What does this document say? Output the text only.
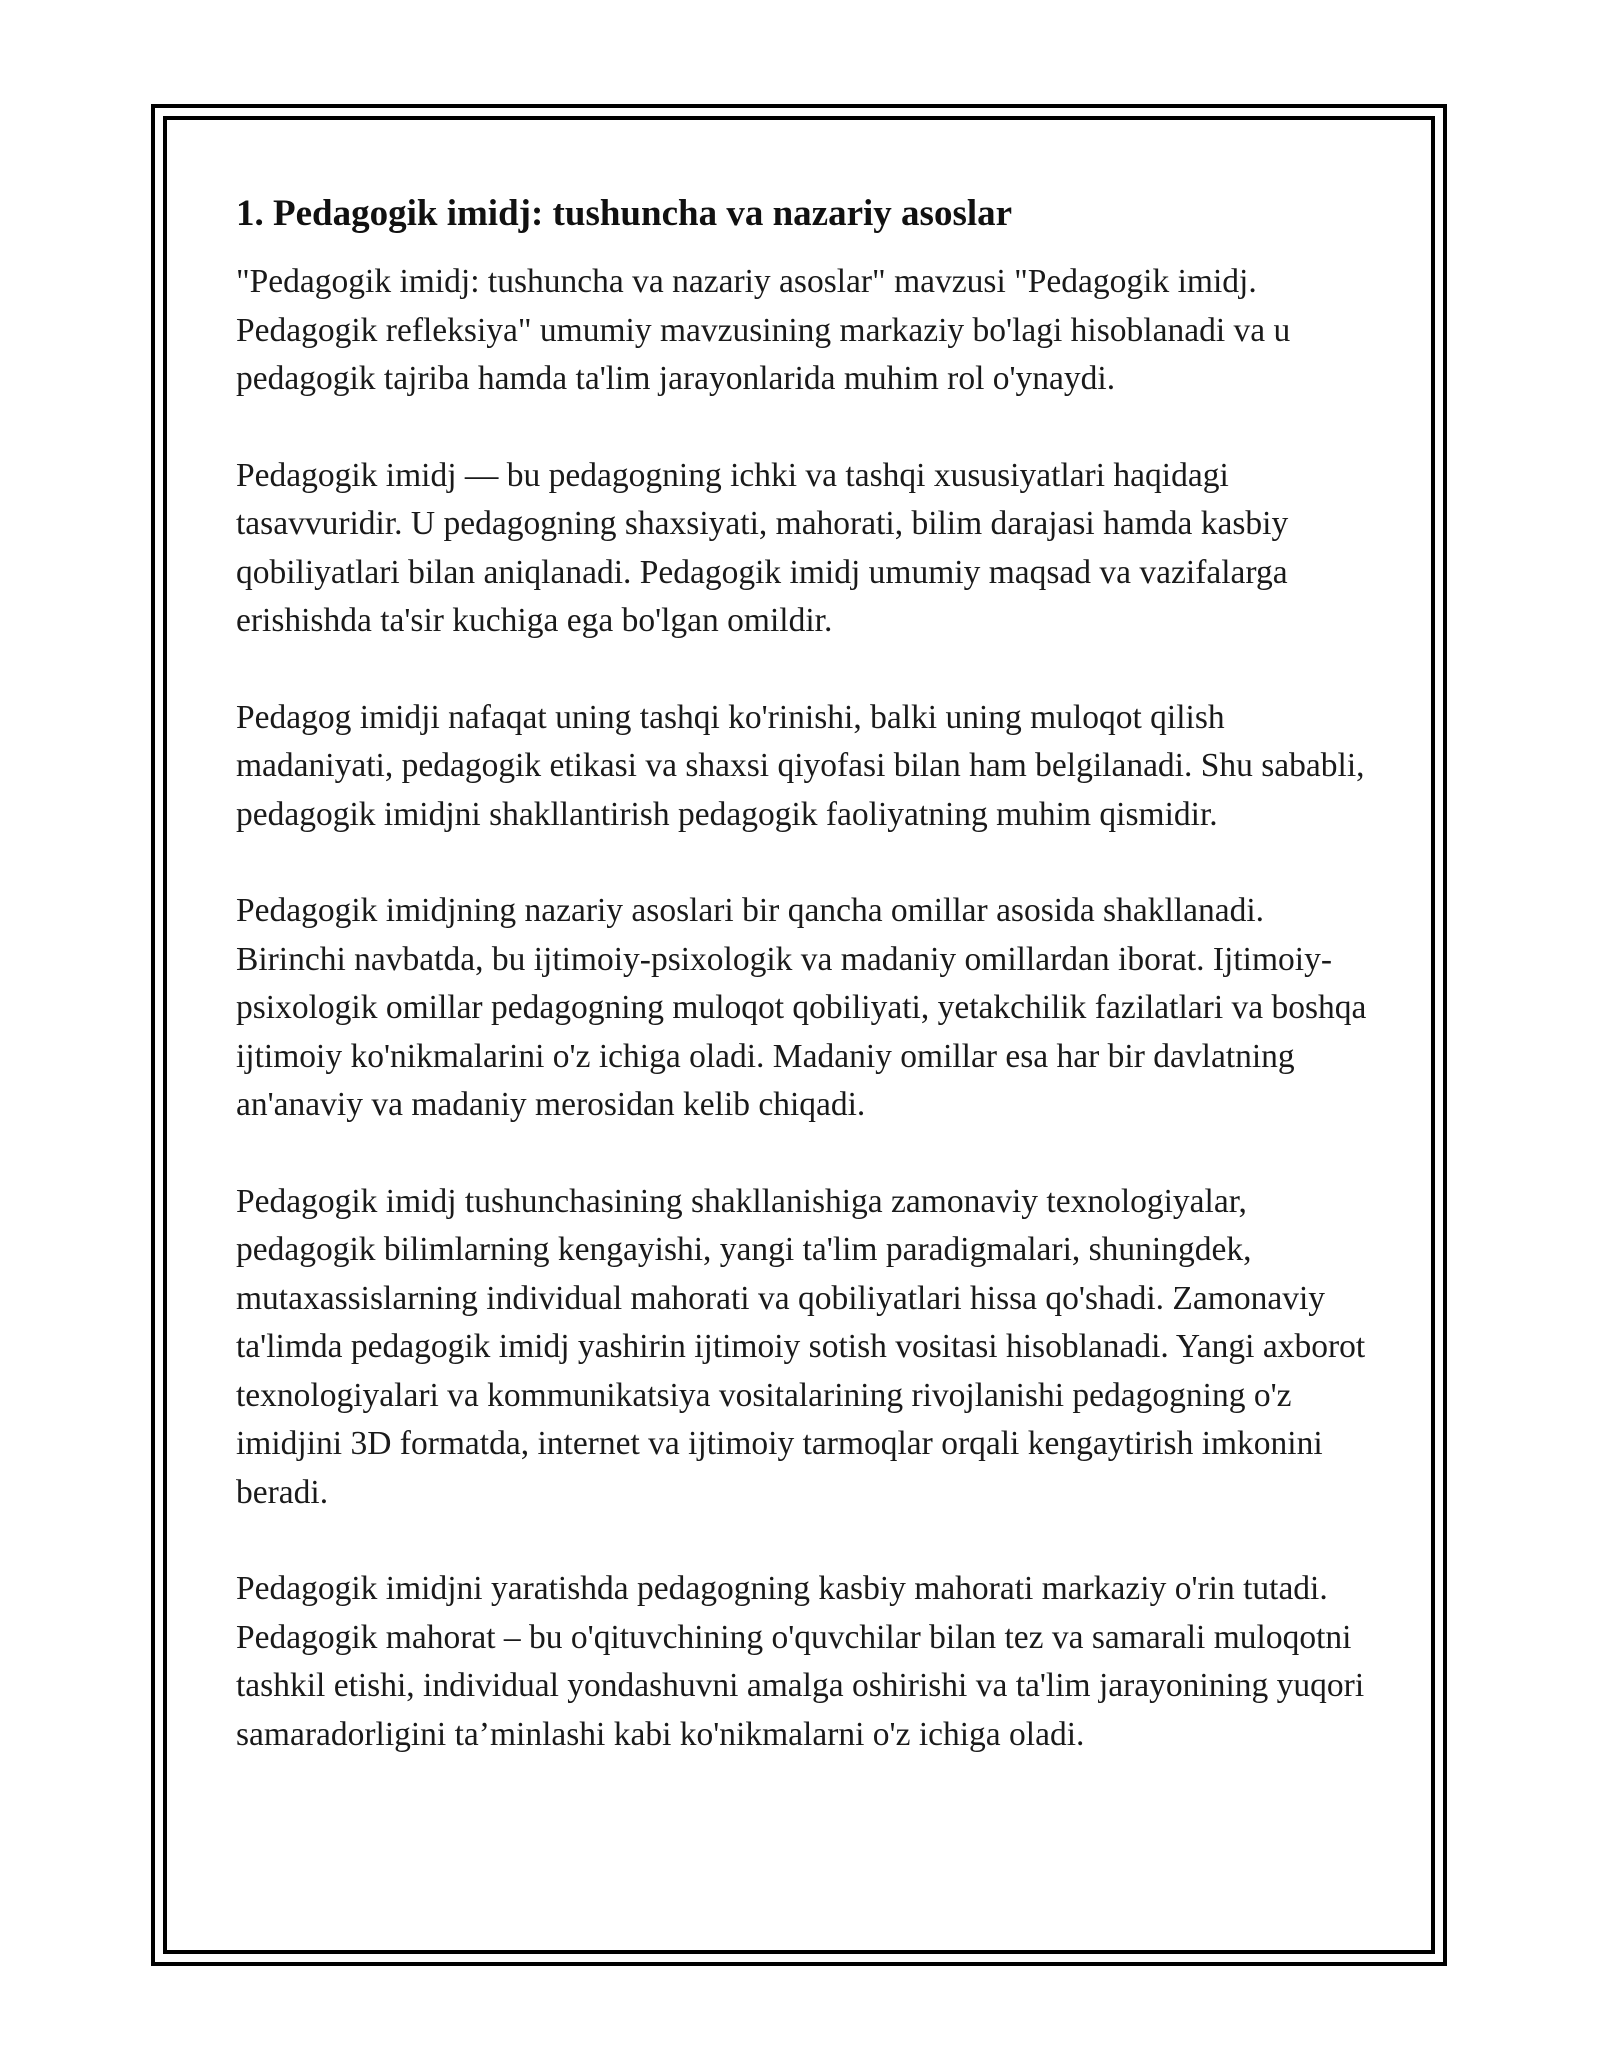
1. Pedagogik imidj: tushuncha va nazariy asoslar

"Pedagogik imidj: tushuncha va nazariy asoslar" mavzusi "Pedagogik imidj. Pedagogik refleksiya" umumiy mavzusining markaziy bo'lagi hisoblanadi va u pedagogik tajriba hamda ta'lim jarayonlarida muhim rol o'ynaydi.

Pedagogik imidj — bu pedagogning ichki va tashqi xususiyatlari haqidagi tasavvuridir. U pedagogning shaxsiyati, mahorati, bilim darajasi hamda kasbiy qobiliyatlari bilan aniqlanadi. Pedagogik imidj umumiy maqsad va vazifalarga erishishda ta'sir kuchiga ega bo'lgan omildir.

Pedagog imidji nafaqat uning tashqi ko'rinishi, balki uning muloqot qilish madaniyati, pedagogik etikasi va shaxsi qiyofasi bilan ham belgilanadi. Shu sababli, pedagogik imidjni shakllantirish pedagogik faoliyatning muhim qismidir.

Pedagogik imidjning nazariy asoslari bir qancha omillar asosida shakllanadi. Birinchi navbatda, bu ijtimoiy-psixologik va madaniy omillardan iborat. Ijtimoiy-psixologik omillar pedagogning muloqot qobiliyati, yetakchilik fazilatlari va boshqa ijtimoiy ko'nikmalarini o'z ichiga oladi. Madaniy omillar esa har bir davlatning an'anaviy va madaniy merosidan kelib chiqadi.

Pedagogik imidj tushunchasining shakllanishiga zamonaviy texnologiyalar, pedagogik bilimlarning kengayishi, yangi ta'lim paradigmalari, shuningdek, mutaxassislarning individual mahorati va qobiliyatlari hissa qo'shadi. Zamonaviy ta'limda pedagogik imidj yashirin ijtimoiy sotish vositasi hisoblanadi. Yangi axborot texnologiyalari va kommunikatsiya vositalarining rivojlanishi pedagogning o'z imidjini 3D formatda, internet va ijtimoiy tarmoqlar orqali kengaytirish imkonini beradi.

Pedagogik imidjni yaratishda pedagogning kasbiy mahorati markaziy o'rin tutadi. Pedagogik mahorat – bu o'qituvchining o'quvchilar bilan tez va samarali muloqotni tashkil etishi, individual yondashuvni amalga oshirishi va ta'lim jarayonining yuqori samaradorligini ta’minlashi kabi ko'nikmalarni o'z ichiga oladi.
